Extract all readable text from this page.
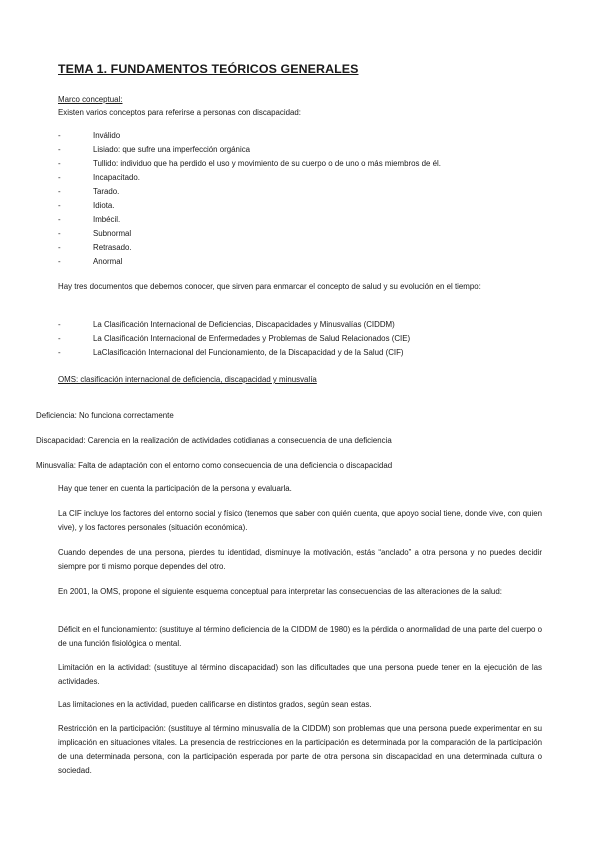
TEMA 1. FUNDAMENTOS TEÓRICOS GENERALES
Marco conceptual:
Existen varios conceptos para referirse a personas con discapacidad:
-	Inválido
-	Lisiado: que sufre una imperfección orgánica
-	Tullido: individuo que ha perdido el uso y movimiento de su cuerpo o de uno o más miembros de él.
-	Incapacitado.
-	Tarado.
-	Idiota.
-	Imbécil.
-	Subnormal
-	Retrasado.
-	Anormal
Hay tres documentos que debemos conocer, que sirven para enmarcar el concepto de salud y su evolución en el tiempo:
-	La Clasificación Internacional de Deficiencias, Discapacidades y Minusvalías (CIDDM)
-	La Clasificación Internacional de Enfermedades y Problemas de Salud Relacionados (CIE)
-	LaClasificación Internacional del Funcionamiento, de la Discapacidad y de la Salud (CIF)
OMS: clasificación internacional de deficiencia, discapacidad y minusvalía
Deficiencia: No funciona correctamente
Discapacidad: Carencia en la realización de actividades cotidianas a consecuencia de una deficiencia
Minusvalía: Falta de adaptación con el entorno como consecuencia de una deficiencia o discapacidad
Hay que tener en cuenta la participación de la persona y evaluarla.
La CIF incluye los factores del entorno social y físico (tenemos que saber con quién cuenta, que apoyo social tiene, donde vive, con quien vive), y los factores personales (situación económica).
Cuando dependes de una persona, pierdes tu identidad, disminuye la motivación, estás “anclado” a otra persona y no puedes decidir siempre por ti mismo porque dependes del otro.
En 2001, la OMS, propone el siguiente esquema conceptual para interpretar las consecuencias de las alteraciones de la salud:
Déficit en el funcionamiento: (sustituye al término deficiencia de la CIDDM de 1980) es la pérdida o anormalidad de una parte del cuerpo o de una función fisiológica o mental.
Limitación en la actividad: (sustituye al término discapacidad) son las dificultades que una persona puede tener en la ejecución de las actividades.
Las limitaciones en la actividad, pueden calificarse en distintos grados, según sean estas.
Restricción en la participación: (sustituye al término minusvalía de la CIDDM) son problemas que una persona puede experimentar en su implicación en situaciones vitales. La presencia de restricciones en la participación es determinada por la comparación de la participación de una determinada persona, con la participación esperada por parte de otra persona sin discapacidad en una determinada cultura o sociedad.
